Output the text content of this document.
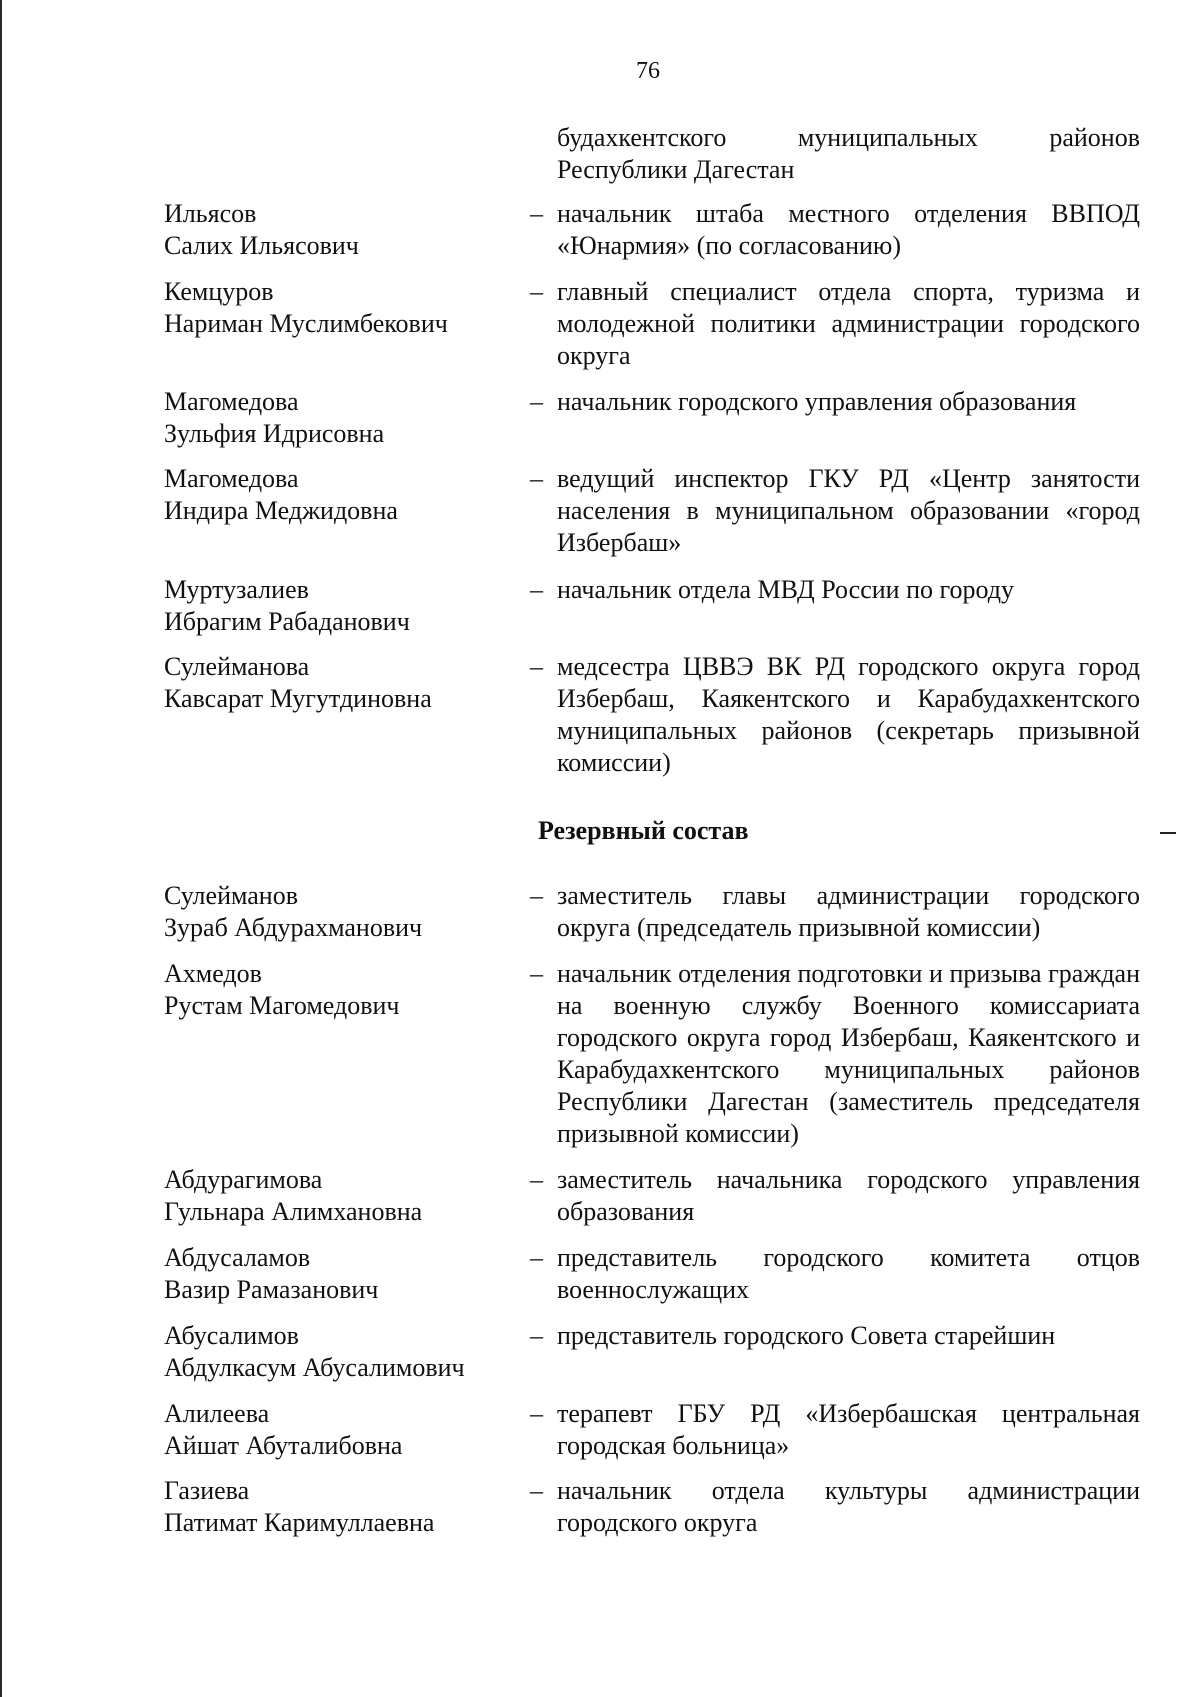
76
будахкентского муниципальных районов Республики Дагестан
Ильясов
Салих Ильясович
– начальник штаба местного отделения ВВПОД «Юнармия» (по согласованию)
Кемцуров
Нариман Муслимбекович
– главный специалист отдела спорта, туризма и молодежной политики администрации городского округа
Магомедова
Зульфия Идрисовна
– начальник городского управления образования
Магомедова
Индира Меджидовна
– ведущий инспектор ГКУ РД «Центр занятости населения в муниципальном образовании «город Избербаш»
Муртузалиев
Ибрагим Рабаданович
– начальник отдела МВД России по городу
Сулейманова
Кавсарат Мугутдиновна
– медсестра ЦВВЭ ВК РД городского округа город Избербаш, Каякентского и Карабудахкентского муниципальных районов (секретарь призывной комиссии)
Резервный состав
Сулейманов
Зураб Абдурахманович
– заместитель главы администрации городского округа (председатель призывной комиссии)
Ахмедов
Рустам Магомедович
– начальник отделения подготовки и призыва граждан на военную службу Военного комиссариата городского округа город Избербаш, Каякентского и Карабудахкентского муниципальных районов Республики Дагестан (заместитель председателя призывной комиссии)
Абдурагимова
Гульнара Алимхановна
– заместитель начальника городского управления образования
Абдусаламов
Вазир Рамазанович
– представитель городского комитета отцов военнослужащих
Абусалимов
Абдулкасум Абусалимович
– представитель городского Совета старейшин
Алилеева
Айшат Абуталибовна
– терапевт ГБУ РД «Избербашская центральная городская больница»
Газиева
Патимат Каримуллаевна
– начальник отдела культуры администрации городского округа
